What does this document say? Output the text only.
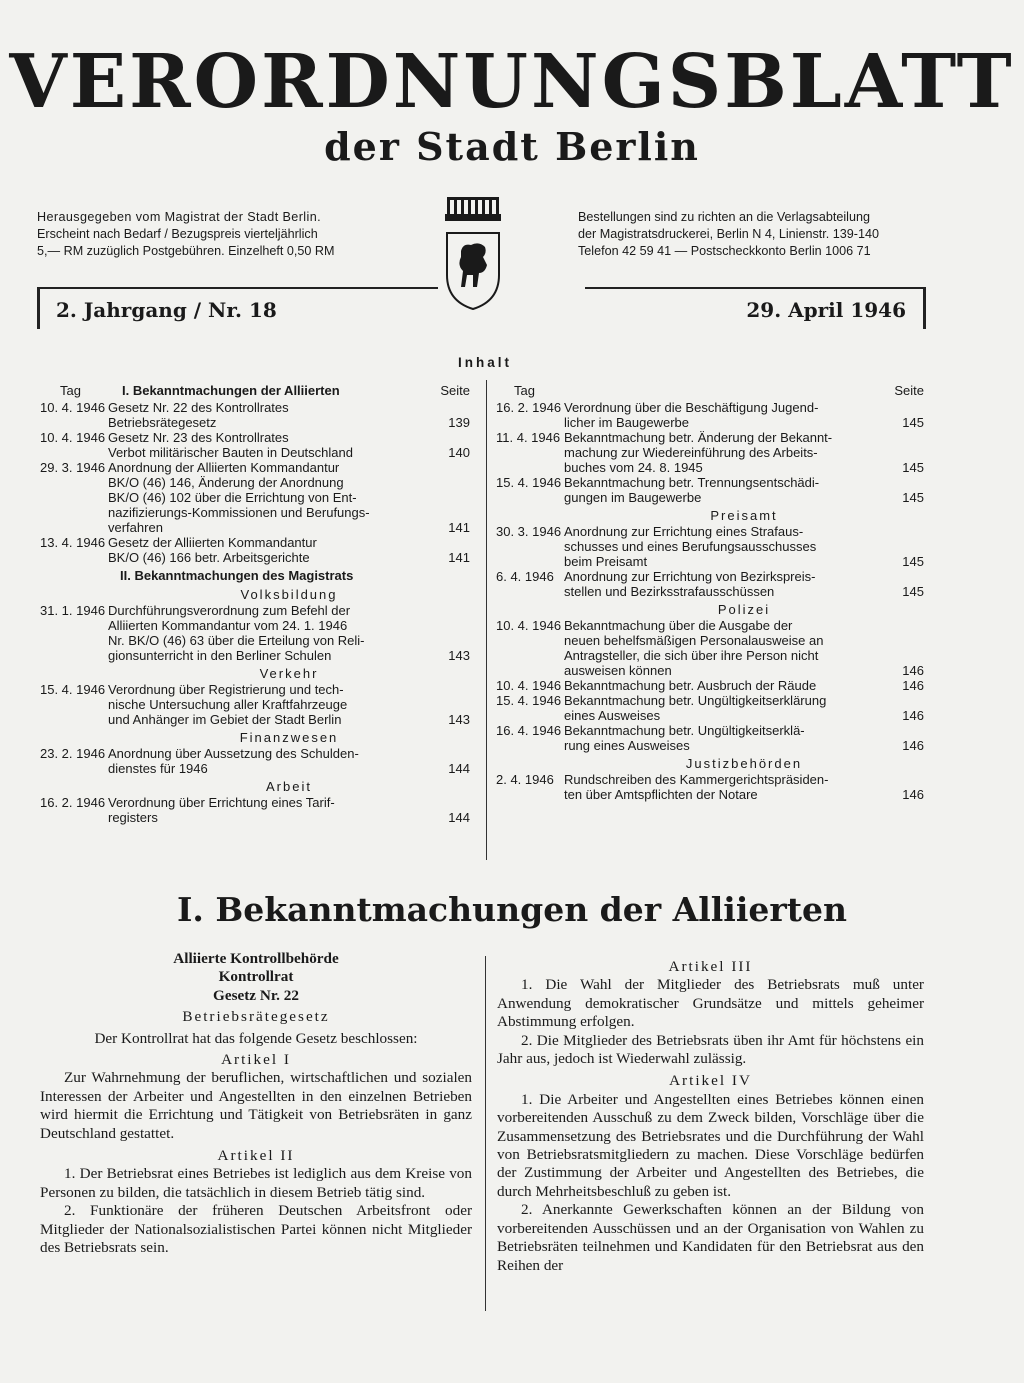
VERORDNUNGSBLATT
der Stadt Berlin
Herausgegeben vom Magistrat der Stadt Berlin.
Erscheint nach Bedarf / Bezugspreis vierteljährlich
5,— RM zuzüglich Postgebühren. Einzelheft 0,50 RM
Bestellungen sind zu richten an die Verlagsabteilung
der Magistratsdruckerei, Berlin N 4, Linienstr. 139-140
Telefon 42 59 41 — Postscheckkonto Berlin 1006 71
2. Jahrgang / Nr. 18	29. April 1946
Inhalt
Tag	I. Bekanntmachungen der Alliierten	Seite
10. 4. 1946 Gesetz Nr. 22 des Kontrollrates
Betriebsrätegesetz	139
10. 4. 1946 Gesetz Nr. 23 des Kontrollrates
Verbot militärischer Bauten in Deutschland	140
29. 3. 1946 Anordnung der Alliierten Kommandantur
BK/O (46) 146, Änderung der Anordnung
BK/O (46) 102 über die Errichtung von Ent-
nazifizierungs-Kommissionen und Berufungs-
verfahren	141
13. 4. 1946 Gesetz der Alliierten Kommandantur
BK/O (46) 166 betr. Arbeitsgerichte	141
II. Bekanntmachungen des Magistrats
Volksbildung
31. 1. 1946 Durchführungsverordnung zum Befehl der
Alliierten Kommandantur vom 24. 1. 1946
Nr. BK/O (46) 63 über die Erteilung von Reli-
gionsunterricht in den Berliner Schulen	143
Verkehr
15. 4. 1946 Verordnung über Registrierung und tech-
nische Untersuchung aller Kraftfahrzeuge
und Anhänger im Gebiet der Stadt Berlin	143
Finanzwesen
23. 2. 1946 Anordnung über Aussetzung des Schulden-
dienstes für 1946	144
Arbeit
16. 2. 1946 Verordnung über Errichtung eines Tarif-
registers	144
Tag	Seite
16. 2. 1946 Verordnung über die Beschäftigung Jugend-
licher im Baugewerbe	145
11. 4. 1946 Bekanntmachung betr. Änderung der Bekannt-
machung zur Wiedereinführung des Arbeits-
buches vom 24. 8. 1945	145
15. 4. 1946 Bekanntmachung betr. Trennungsentschädi-
gungen im Baugewerbe	145
Preisamt
30. 3. 1946 Anordnung zur Errichtung eines Strafaus-
schusses und eines Berufungsausschusses
beim Preisamt	145
6. 4. 1946 Anordnung zur Errichtung von Bezirkspreis-
stellen und Bezirksstrafausschüssen	145
Polizei
10. 4. 1946 Bekanntmachung über die Ausgabe der
neuen behelfsmäßigen Personalausweise an
Antragsteller, die sich über ihre Person nicht
ausweisen können	146
10. 4. 1946 Bekanntmachung betr. Ausbruch der Räude	146
15. 4. 1946 Bekanntmachung betr. Ungültigkeitserklärung
eines Ausweises	146
16. 4. 1946 Bekanntmachung betr. Ungültigkeitserklä-
rung eines Ausweises	146
Justizbehörden
2. 4. 1946 Rundschreiben des Kammergerichtspräsiden-
ten über Amtspflichten der Notare	146
I. Bekanntmachungen der Alliierten

Alliierte Kontrollbehörde

Kontrollrat

Gesetz Nr. 22

Betriebsrätegesetz

Der Kontrollrat hat das folgende Gesetz beschlossen:

Artikel I

Zur Wahrnehmung der beruflichen, wirtschaftlichen und sozialen Interessen der Arbeiter und Angestellten in den einzelnen Betrieben wird hiermit die Errichtung und Tätigkeit von Betriebsräten in ganz Deutschland gestattet.

Artikel II

1. Der Betriebsrat eines Betriebes ist lediglich aus dem Kreise von Personen zu bilden, die tatsächlich in diesem Betrieb tätig sind.

2. Funktionäre der früheren Deutschen Arbeitsfront oder Mitglieder der Nationalsozialistischen Partei können nicht Mitglieder des Betriebsrats sein.

Artikel III

1. Die Wahl der Mitglieder des Betriebsrats muß unter Anwendung demokratischer Grundsätze und mittels geheimer Abstimmung erfolgen.

2. Die Mitglieder des Betriebsrats üben ihr Amt für höchstens ein Jahr aus, jedoch ist Wiederwahl zulässig.

Artikel IV

1. Die Arbeiter und Angestellten eines Betriebes können einen vorbereitenden Ausschuß zu dem Zweck bilden, Vorschläge über die Zusammensetzung des Betriebsrates und die Durchführung der Wahl von Betriebsratsmitgliedern zu machen. Diese Vorschläge bedürfen der Zustimmung der Arbeiter und Angestellten des Betriebes, die durch Mehrheitsbeschluß zu geben ist.

2. Anerkannte Gewerkschaften können an der Bildung von vorbereitenden Ausschüssen und an der Organisation von Wahlen zu Betriebsräten teilnehmen und Kandidaten für den Betriebsrat aus den Reihen der
